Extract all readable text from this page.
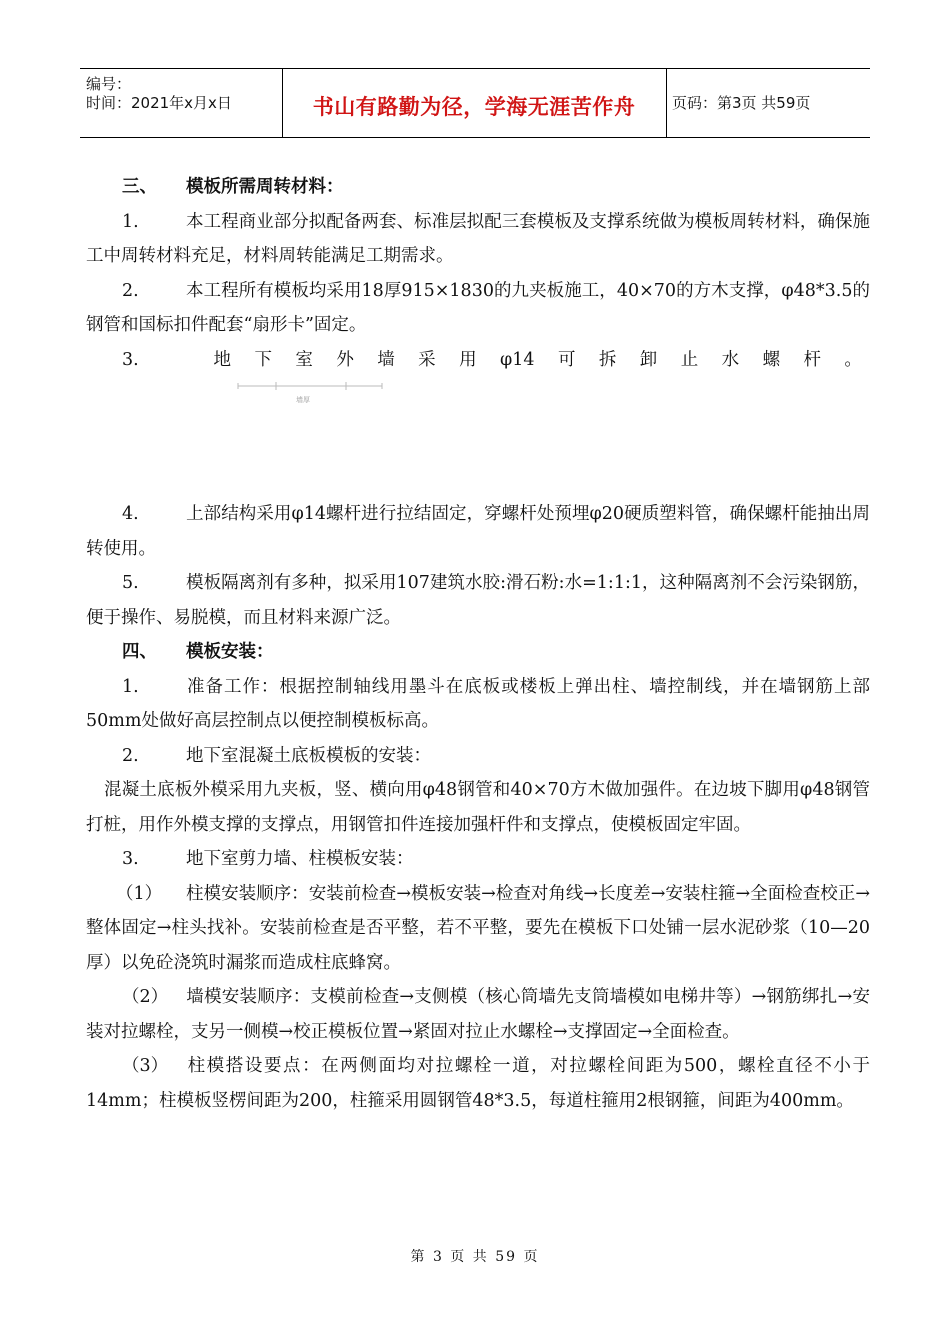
编号：
时间：2021年x月x日	书山有路勤为径，学海无涯苦作舟	页码：第3页 共59页

三、 模板所需周转材料：

1.	本工程商业部分拟配备两套、标准层拟配三套模板及支撑系统做为模板周转材料，确保施工中周转材料充足，材料周转能满足工期需求。

2.	本工程所有模板均采用18厚915×1830的九夹板施工，40×70的方木支撑，φ48*3.5的钢管和国标扣件配套“扇形卡”固定。

3.	地 下 室 外 墙 采 用 φ14 可 拆 卸 止 水 螺 杆 。
墙厚

4.	上部结构采用φ14螺杆进行拉结固定，穿螺杆处预埋φ20硬质塑料管，确保螺杆能抽出周转使用。

5.	模板隔离剂有多种，拟采用107建筑水胶:滑石粉:水=1:1:1，这种隔离剂不会污染钢筋，便于操作、易脱模，而且材料来源广泛。

四、 模板安装：

1.	准备工作：根据控制轴线用墨斗在底板或楼板上弹出柱、墙控制线，并在墙钢筋上部50mm处做好高层控制点以便控制模板标高。

2.	地下室混凝土底板模板的安装：

混凝土底板外模采用九夹板，竖、横向用φ48钢管和40×70方木做加强件。在边坡下脚用φ48钢管打桩，用作外模支撑的支撑点，用钢管扣件连接加强杆件和支撑点，使模板固定牢固。

3.	地下室剪力墙、柱模板安装：

（1） 柱模安装顺序：安装前检查→模板安装→检查对角线→长度差→安装柱箍→全面检查校正→整体固定→柱头找补。安装前检查是否平整，若不平整，要先在模板下口处铺一层水泥砂浆（10—20厚）以免砼浇筑时漏浆而造成柱底蜂窝。

（2） 墙模安装顺序：支模前检查→支侧模（核心筒墙先支筒墙模如电梯井等）→钢筋绑扎→安装对拉螺栓，支另一侧模→校正模板位置→紧固对拉止水螺栓→支撑固定→全面检查。

（3） 柱模搭设要点：在两侧面均对拉螺栓一道，对拉螺栓间距为500，螺栓直径不小于14mm；柱模板竖楞间距为200，柱箍采用圆钢管48*3.5，每道柱箍用2根钢箍，间距为400mm。

第 3 页 共 59 页
